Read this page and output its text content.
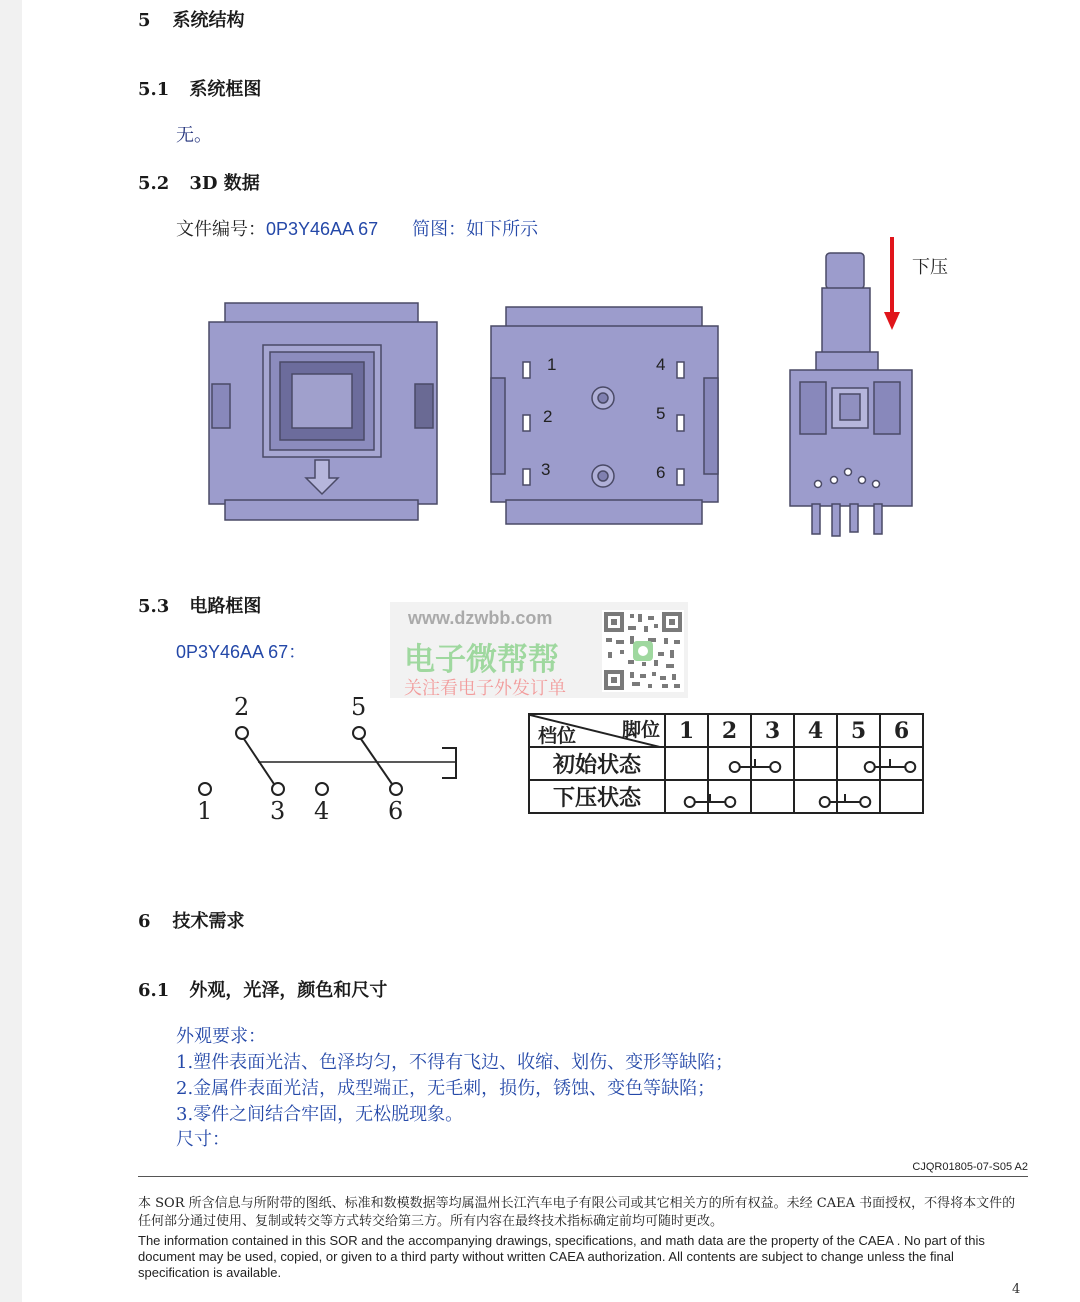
5 系统结构
5.1 系统框图
无。
5.2 3D 数据
文件编号：0P3Y46AA 67 简图：如下所示
下压
1
2
3
4
5
6
5.3 电路框图
0P3Y46AA 67：
www.dzwbb.com
电子微帮帮
关注看电子外发订单
2	5
1 3 4 6
脚位
档位	1	2	3	4	5	6
初始状态						
下压状态						
6 技术需求
6.1 外观，光泽，颜色和尺寸
外观要求：
1.塑件表面光洁、色泽均匀，不得有飞边、收缩、划伤、变形等缺陷；
2.金属件表面光洁，成型端正，无毛刺，损伤，锈蚀、变色等缺陷；
3.零件之间结合牢固，无松脱现象。
尺寸：
CJQR01805-07-S05 A2
本 SOR 所含信息与所附带的图纸、标准和数模数据等均属温州长江汽车电子有限公司或其它相关方的所有权益。未经 CAEA 书面授权，不得将本文件的任何部分通过使用、复制或转交等方式转交给第三方。所有内容在最终技术指标确定前均可随时更改。
The information contained in this SOR and the accompanying drawings, specifications, and math data are the property of the CAEA . No part of this document may be used, copied, or given to a third party without written CAEA authorization. All contents are subject to change unless the final specification is available.
4
